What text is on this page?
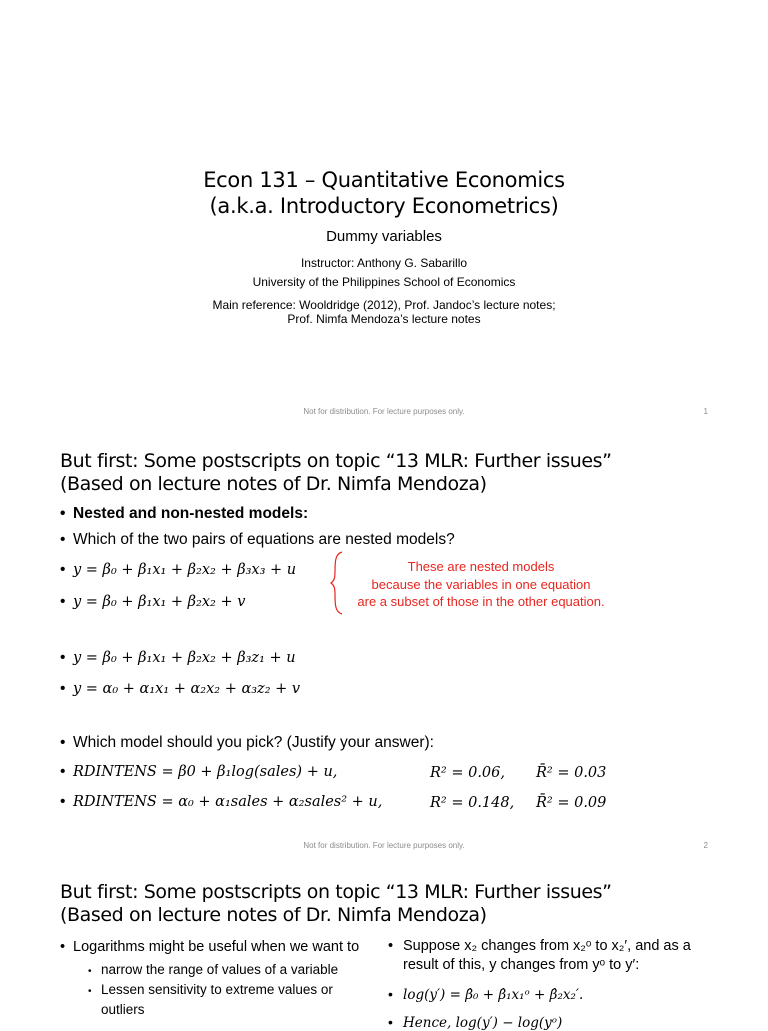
Econ 131 – Quantitative Economics
(a.k.a. Introductory Econometrics)
Dummy variables
Instructor: Anthony G. Sabarillo
University of the Philippines School of Economics
Main reference: Wooldridge (2012), Prof. Jandoc’s lecture notes;
Prof. Nimfa Mendoza’s lecture notes
Not for distribution. For lecture purposes only.	1
But first: Some postscripts on topic “13 MLR: Further issues”
(Based on lecture notes of Dr. Nimfa Mendoza)
• Nested and non-nested models:
• Which of the two pairs of equations are nested models?
• y = β₀ + β₁x₁ + β₂x₂ + β₃x₃ + u
• y = β₀ + β₁x₁ + β₂x₂ + v
These are nested models
because the variables in one equation
are a subset of those in the other equation.
• y = β₀ + β₁x₁ + β₂x₂ + β₃z₁ + u
• y = α₀ + α₁x₁ + α₂x₂ + α₃z₂ + v
• Which model should you pick? (Justify your answer):
• RDINTENS = β0 + β₁log(sales) + u,	R² = 0.06, R̄² = 0.03
• RDINTENS = α₀ + α₁sales + α₂sales² + u,	R² = 0.148, R̄² = 0.09
Not for distribution. For lecture purposes only.	2
But first: Some postscripts on topic “13 MLR: Further issues”
(Based on lecture notes of Dr. Nimfa Mendoza)
• Logarithms might be useful when we want to
• narrow the range of values of a variable
• Lessen sensitivity to extreme values or
outliers
• Suppose x₂ changes from x₂ᵒ to x₂′, and as a
result of this, y changes from yᵒ to y′:
• log(y′) = β̂₀ + β̂₁x₁ᵒ + β̂₂x₂′.
• Hence, log(y′) − log(yᵒ)
